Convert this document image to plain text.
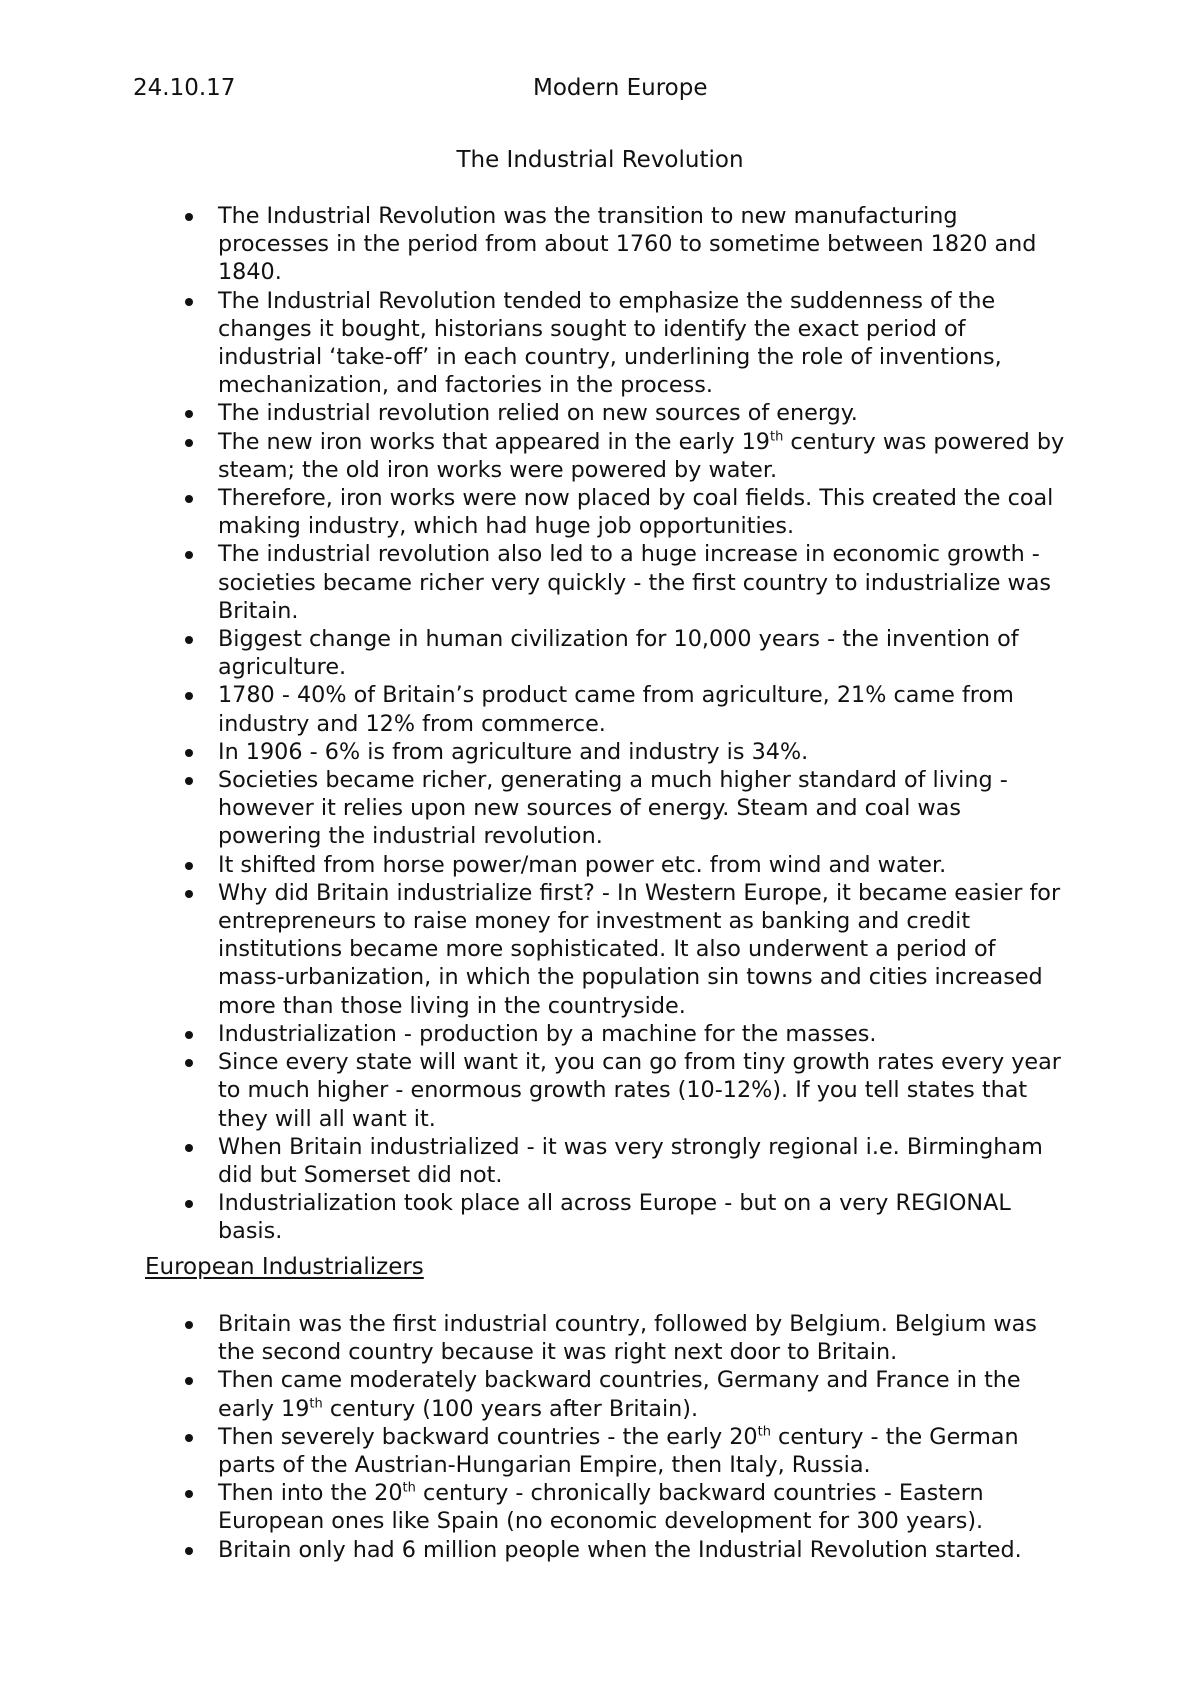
24.10.17	Modern Europe
The Industrial Revolution
The Industrial Revolution was the transition to new manufacturing processes in the period from about 1760 to sometime between 1820 and 1840.
The Industrial Revolution tended to emphasize the suddenness of the changes it bought, historians sought to identify the exact period of industrial ‘take-off’ in each country, underlining the role of inventions, mechanization, and factories in the process.
The industrial revolution relied on new sources of energy.
The new iron works that appeared in the early 19th century was powered by steam; the old iron works were powered by water.
Therefore, iron works were now placed by coal fields. This created the coal making industry, which had huge job opportunities.
The industrial revolution also led to a huge increase in economic growth - societies became richer very quickly - the first country to industrialize was Britain.
Biggest change in human civilization for 10,000 years - the invention of agriculture.
1780 - 40% of Britain’s product came from agriculture, 21% came from industry and 12% from commerce.
In 1906 - 6% is from agriculture and industry is 34%.
Societies became richer, generating a much higher standard of living - however it relies upon new sources of energy. Steam and coal was powering the industrial revolution.
It shifted from horse power/man power etc. from wind and water.
Why did Britain industrialize first? - In Western Europe, it became easier for entrepreneurs to raise money for investment as banking and credit institutions became more sophisticated. It also underwent a period of mass-urbanization, in which the population sin towns and cities increased more than those living in the countryside.
Industrialization - production by a machine for the masses.
Since every state will want it, you can go from tiny growth rates every year to much higher - enormous growth rates (10-12%). If you tell states that they will all want it.
When Britain industrialized - it was very strongly regional i.e. Birmingham did but Somerset did not.
Industrialization took place all across Europe - but on a very REGIONAL basis.
European Industrializers
Britain was the first industrial country, followed by Belgium. Belgium was the second country because it was right next door to Britain.
Then came moderately backward countries, Germany and France in the early 19th century (100 years after Britain).
Then severely backward countries - the early 20th century - the German parts of the Austrian-Hungarian Empire, then Italy, Russia.
Then into the 20th century - chronically backward countries - Eastern European ones like Spain (no economic development for 300 years).
Britain only had 6 million people when the Industrial Revolution started.
